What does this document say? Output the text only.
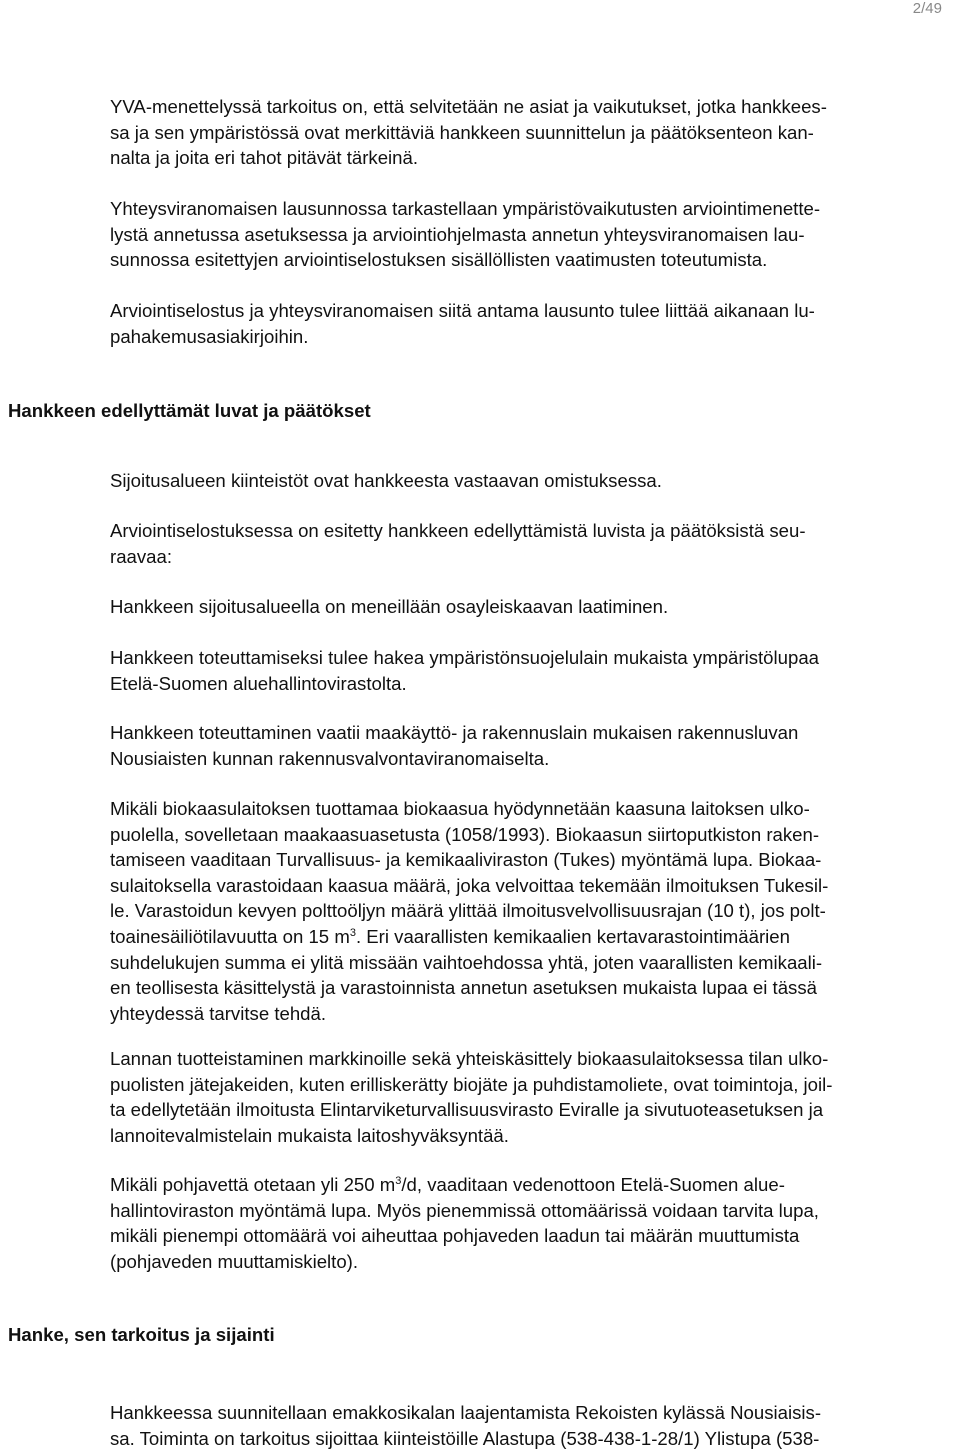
2/49
YVA-menettelyssä tarkoitus on, että selvitetään ne asiat ja vaikutukset, jotka hankkees-
sa ja sen ympäristössä ovat merkittäviä hankkeen suunnittelun ja päätöksenteon kan-
nalta ja joita eri tahot pitävät tärkeinä.
Yhteysviranomaisen lausunnossa tarkastellaan ympäristövaikutusten arviointimenette-
lystä annetussa asetuksessa ja arviointiohjelmasta annetun yhteysviranomaisen lau-
sunnossa esitettyjen arviointiselostuksen sisällöllisten vaatimusten toteutumista.
Arviointiselostus ja yhteysviranomaisen siitä antama lausunto tulee liittää aikanaan lu-
pahakemusasiakirjoihin.
Hankkeen edellyttämät luvat ja päätökset
Sijoitusalueen kiinteistöt ovat hankkeesta vastaavan omistuksessa.
Arviointiselostuksessa on esitetty hankkeen edellyttämistä luvista ja päätöksistä seu-
raavaa:
Hankkeen sijoitusalueella on meneillään osayleiskaavan laatiminen.
Hankkeen toteuttamiseksi tulee hakea ympäristönsuojelulain mukaista ympäristölupaa
Etelä-Suomen aluehallintovirastolta.
Hankkeen toteuttaminen vaatii maakäyttö- ja rakennuslain mukaisen rakennusluvan
Nousiaisten kunnan rakennusvalvontaviranomaiselta.
Mikäli biokaasulaitoksen tuottamaa biokaasua hyödynnetään kaasuna laitoksen ulko-
puolella, sovelletaan maakaasuasetusta (1058/1993). Biokaasun siirtoputkiston raken-
tamiseen vaaditaan Turvallisuus- ja kemikaaliviraston (Tukes) myöntämä lupa. Biokaa-
sulaitoksella varastoidaan kaasua määrä, joka velvoittaa tekemään ilmoituksen Tukesil-
le. Varastoidun kevyen polttoöljyn määrä ylittää ilmoitusvelvollisuusrajan (10 t), jos polt-
toainesäiliötilavuutta on 15 $m^3$. Eri vaarallisten kemikaalien kertavarastointimäärien
suhdelukujen summa ei ylitä missään vaihtoehdossa yhtä, joten vaarallisten kemikaali-
en teollisesta käsittelystä ja varastoinnista annetun asetuksen mukaista lupaa ei tässä
yhteydessä tarvitse tehdä.
Lannan tuotteistaminen markkinoille sekä yhteiskäsittely biokaasulaitoksessa tilan ulko-
puolisten jätejakeiden, kuten erilliskerätty biojäte ja puhdistamoliete, ovat toimintoja, joil-
ta edellytetään ilmoitusta Elintarviketurvallisuusvirasto Eviralle ja sivutuoteasetuksen ja
lannoitevalmistelain mukaista laitoshyväksyntää.
Mikäli pohjavettä otetaan yli 250 $m^3/d$, vaaditaan vedenottoon Etelä-Suomen alue-
hallintoviraston myöntämä lupa. Myös pienemmissä ottomäärissä voidaan tarvita lupa,
mikäli pienempi ottomäärä voi aiheuttaa pohjaveden laadun tai määrän muuttumista
(pohjaveden muuttamiskielto).
Hanke, sen tarkoitus ja sijainti
Hankkeessa suunnitellaan emakkosikalan laajentamista Rekoisten kylässä Nousiaisis-
sa. Toiminta on tarkoitus sijoittaa kiinteistöille Alastupa (538-438-1-28/1) Ylistupa (538-
